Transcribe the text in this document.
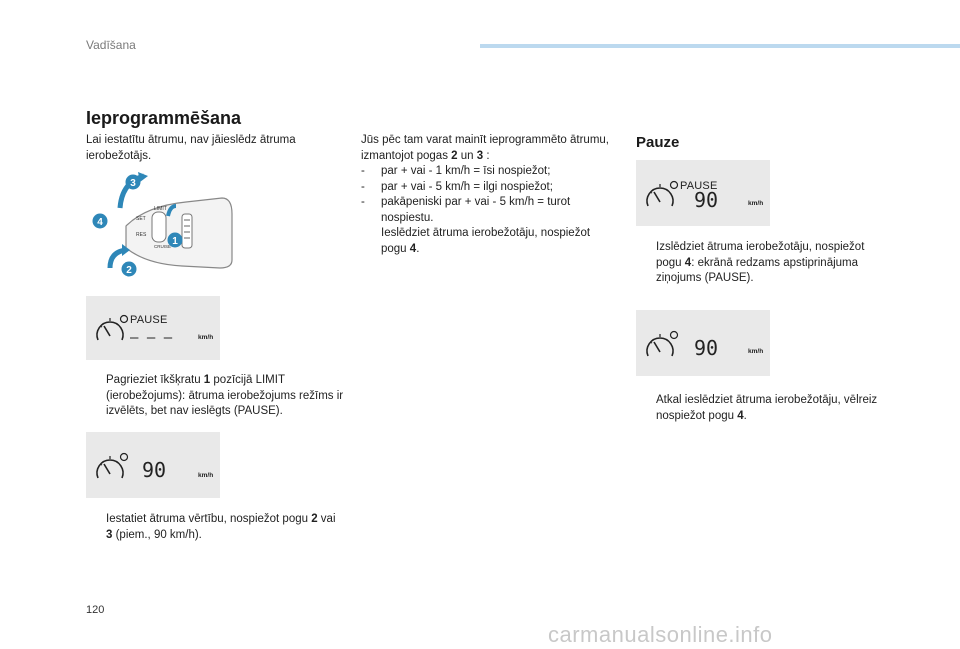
Vadīšana
Ieprogrammēšana
Lai iestatītu ātrumu, nav jāieslēdz ātruma ierobežotājs.
SET
LIMIT
RES
CRUISE
3
4
1
2
PAUSE
– – –	km/h
Pagrieziet īkšķratu 1 pozīcijā LIMIT (ierobežojums): ātruma ierobežojums režīms ir izvēlēts, bet nav ieslēgts (PAUSE).
90	km/h
Iestatiet ātruma vērtību, nospiežot pogu 2 vai 3 (piem., 90 km/h).
Jūs pēc tam varat mainīt ieprogrammēto ātrumu, izmantojot pogas 2 un 3 :
- par + vai - 1 km/h = īsi nospiežot;
- par + vai - 5 km/h = ilgi nospiežot;
- pakāpeniski par + vai - 5 km/h = turot nospiestu.
Ieslēdziet ātruma ierobežotāju, nospiežot pogu 4.
Pauze
PAUSE
90	km/h
Izslēdziet ātruma ierobežotāju, nospiežot pogu 4: ekrānā redzams apstiprinājuma ziņojums (PAUSE).
90	km/h
Atkal ieslēdziet ātruma ierobežotāju, vēlreiz nospiežot pogu 4.
120
carmanualsonline.info
